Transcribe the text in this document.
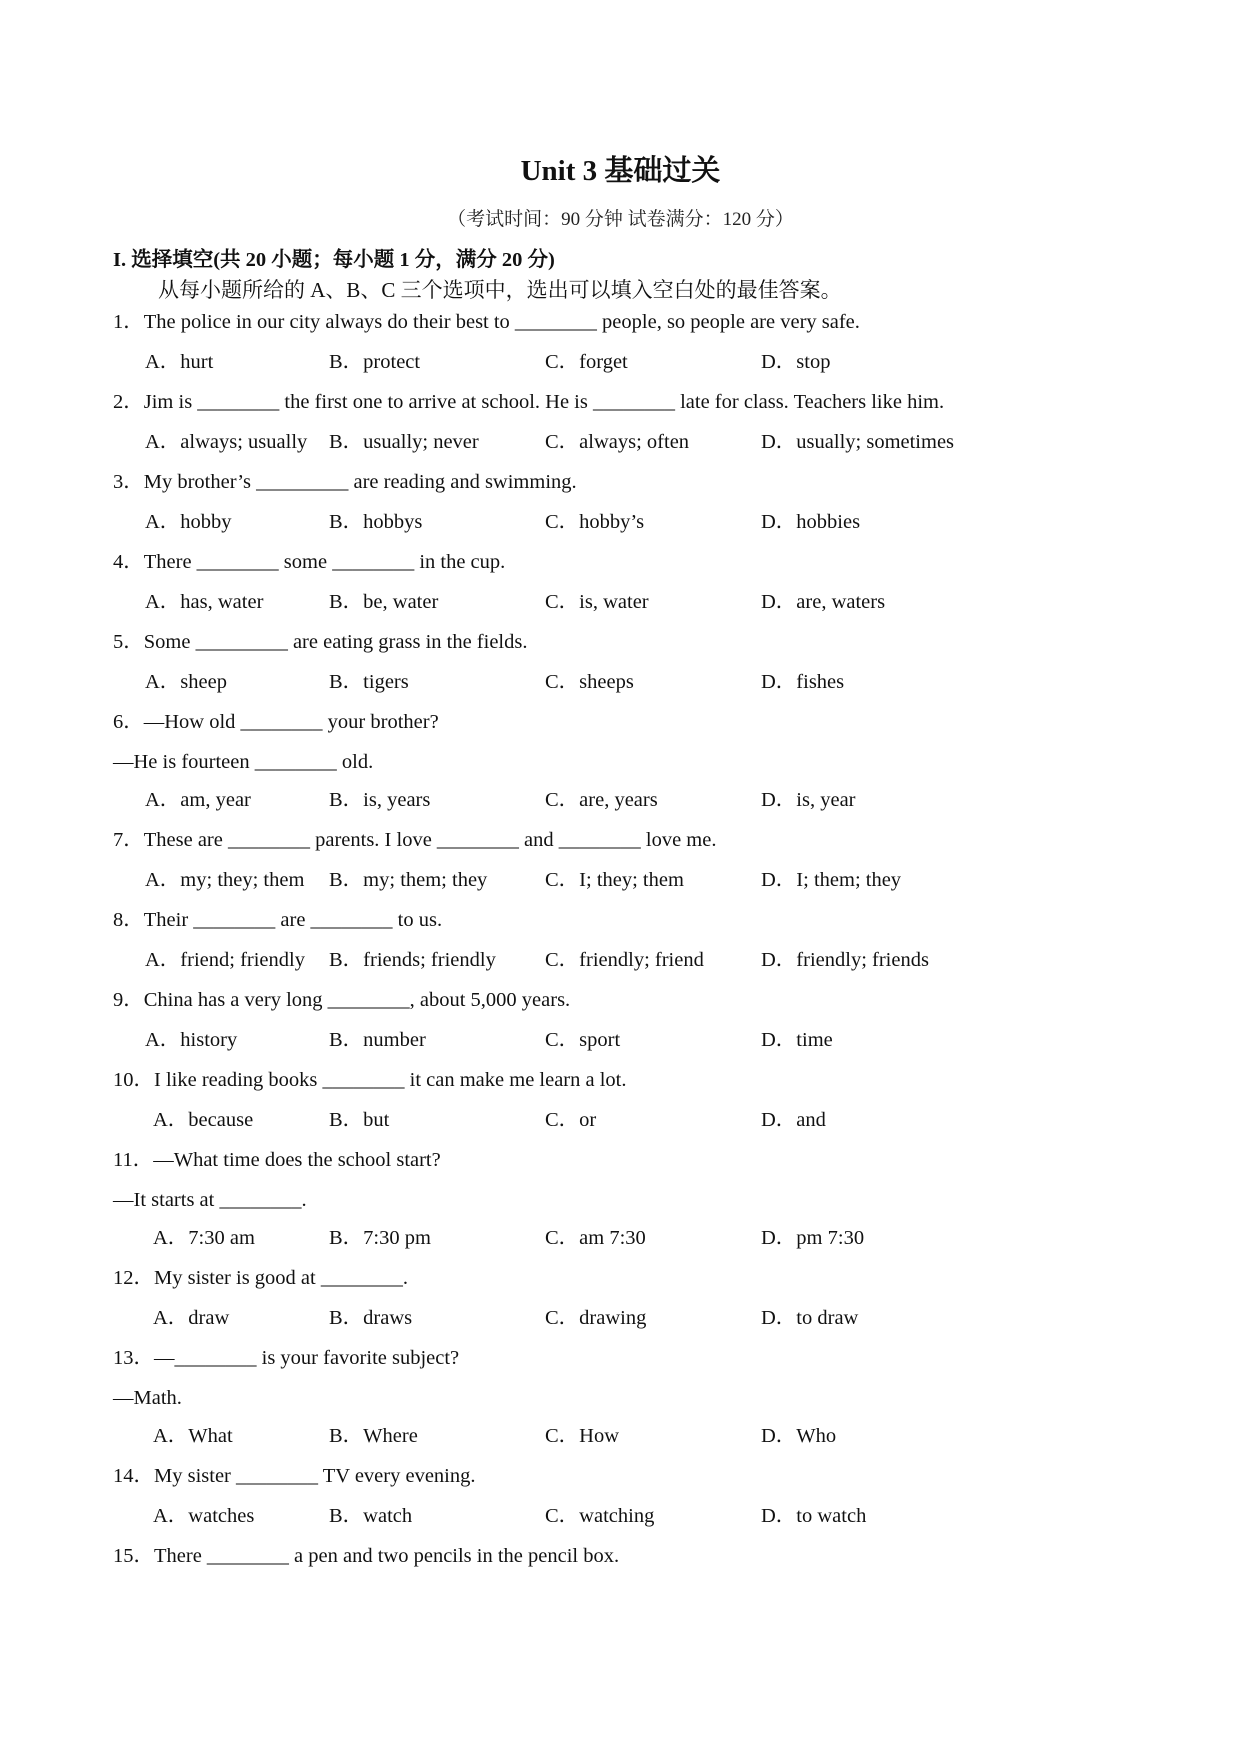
Unit 3 基础过关
（考试时间：90 分钟 试卷满分：120 分）
I. 选择填空(共 20 小题；每小题 1 分，满分 20 分)
从每小题所给的 A、B、C 三个选项中，选出可以填入空白处的最佳答案。
1．The police in our city always do their best to ________ people, so people are very safe.
A．hurt	B．protect	C．forget	D．stop
2．Jim is ________ the first one to arrive at school. He is ________ late for class. Teachers like him.
A．always; usually B．usually; never	C．always; often	D．usually; sometimes
3．My brother’s _________ are reading and swimming.
A．hobby	B．hobbys	C．hobby’s	D．hobbies
4．There ________ some ________ in the cup.
A．has, water	B．be, water	C．is, water	D．are, waters
5．Some _________ are eating grass in the fields.
A．sheep	B．tigers	C．sheeps	D．fishes
6．—How old ________ your brother?
—He is fourteen ________ old.
A．am, year	B．is, years	C．are, years	D．is, year
7．These are ________ parents. I love ________ and ________ love me.
A．my; they; them B．my; them; they	C．I; they; them	D．I; them; they
8．Their ________ are ________ to us.
A．friend; friendly B．friends; friendly C．friendly; friend	D．friendly; friends
9．China has a very long ________, about 5,000 years.
A．history	B．number	C．sport	D．time
10．I like reading books ________ it can make me learn a lot.
A．because	B．but	C．or	D．and
11．—What time does the school start?
—It starts at ________.
A．7:30 am	B．7:30 pm	C．am 7:30	D．pm 7:30
12．My sister is good at ________.
A．draw	B．draws	C．drawing	D．to draw
13．—________ is your favorite subject?
—Math.
A．What	B．Where	C．How	D．Who
14．My sister ________ TV every evening.
A．watches	B．watch	C．watching	D．to watch
15．There ________ a pen and two pencils in the pencil box.
